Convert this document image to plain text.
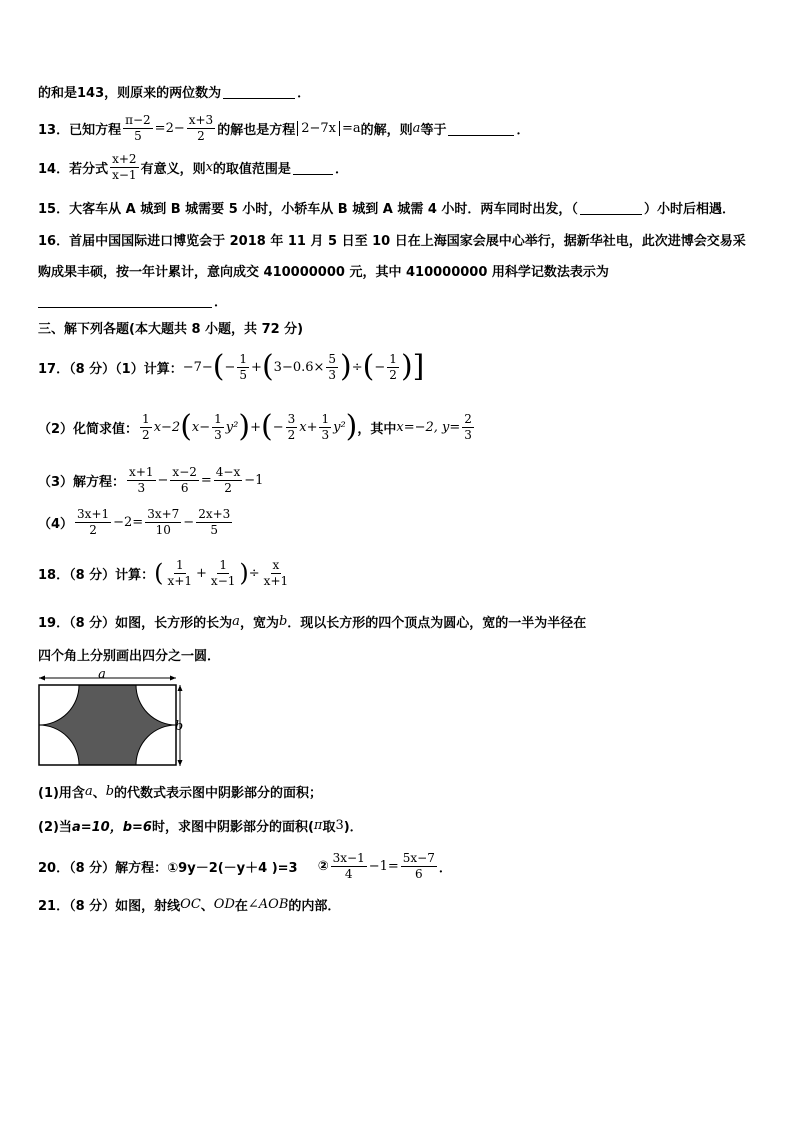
的和是143，则原来的两位数为	．
13．已知方程 $\frac{\pi-2}{5} =2- \frac{x+3}{2}$ 的解也是方程 2−7x =a 的解，则 a 等于	．
14．若分式 $\frac{x+2}{x-1}$ 有意义，则 x 的取值范围是	．
15．大客车从 A 城到 B 城需要 5 小时，小轿车从 B 城到 A 城需 4 小时．两车同时出发，（	）小时后相遇．
16．首届中国国际进口博览会于 2018 年 11 月 5 日至 10 日在上海国家会展中心举行，据新华社电，此次进博会交易采
购成果丰硕，按一年计累计，意向成交 410000000 元，其中 410000000 用科学记数法表示为
．
三、解下列各题(本大题共 8 小题，共 72 分)
17．（8 分）（1）计算： −7− ( − $\frac{1}{5}$ + ( $3-0.6\times \frac{5}{3}$ ) ÷ ( − $\frac{1}{2}$ ) ]
（2）化简求值： $\frac{1}{2} x-2$ ( $x- \frac{1}{3} y^2$ ) + ( − $\frac{3}{2} x+ \frac{1}{3} y^2$ ) ，其中 x=−2, $y= \frac{2}{3}$
（3）解方程： $\frac{x+1}{3} - \frac{x-2}{6} = \frac{4-x}{2} -1$
$(4) \frac{3x+1}{2} -2= \frac{3x+7}{10} - \frac{2x+3}{5}$
18．（8 分）计算： ( $\frac{1}{x+1} + \frac{1}{x-1}$ ) ÷ $\frac{x}{x+1}$
19．（8 分）如图，长方形的长为 a ，宽为 b ．现以长方形的四个顶点为圆心，宽的一半为半径在
四个角上分别画出四分之一圆．
a
b
(1)用含 a 、 b 的代数式表示图中阴影部分的面积；
(2)当 a=10，b=6 时，求图中阴影部分的面积( π 取 3 )．
20．（8 分）解方程：①9y－2(－y＋4 )=3 ② $\frac{3x-1}{4} -1= \frac{5x-7}{6}$ ．
21．（8 分）如图，射线 OC 、 OD 在 ∠AOB 的内部．
